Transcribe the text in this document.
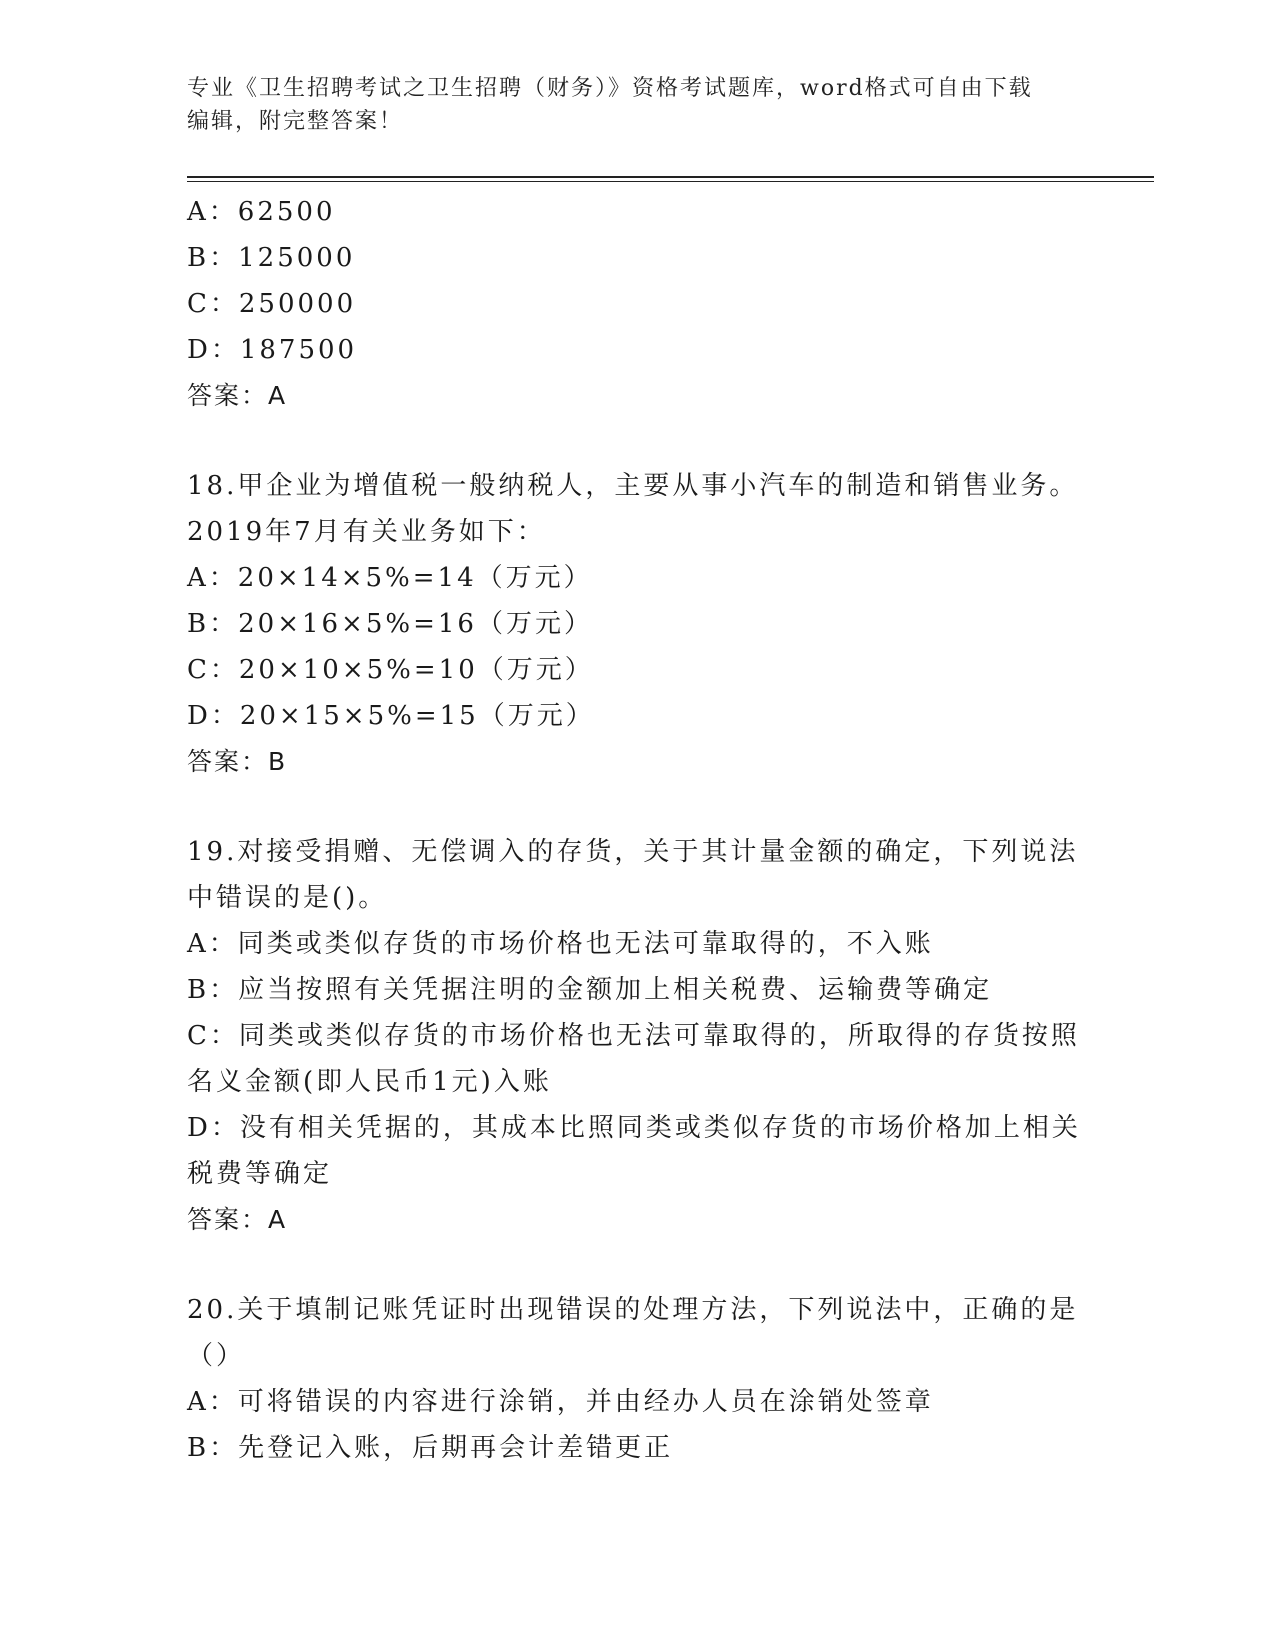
专业《卫生招聘考试之卫生招聘（财务）》资格考试题库，word格式可自由下载
编辑，附完整答案！
A：62500
B：125000
C：250000
D：187500
答案：A
18.甲企业为增值税一般纳税人，主要从事小汽车的制造和销售业务。
2019年7月有关业务如下：
A：20×14×5%=14（万元）
B：20×16×5%=16（万元）
C：20×10×5%=10（万元）
D：20×15×5%=15（万元）
答案：B
19.对接受捐赠、无偿调入的存货，关于其计量金额的确定，下列说法
中错误的是()。
A：同类或类似存货的市场价格也无法可靠取得的，不入账
B：应当按照有关凭据注明的金额加上相关税费、运输费等确定
C：同类或类似存货的市场价格也无法可靠取得的，所取得的存货按照
名义金额(即人民币1元)入账
D：没有相关凭据的，其成本比照同类或类似存货的市场价格加上相关
税费等确定
答案：A
20.关于填制记账凭证时出现错误的处理方法，下列说法中，正确的是
（）
A：可将错误的内容进行涂销，并由经办人员在涂销处签章
B：先登记入账，后期再会计差错更正
